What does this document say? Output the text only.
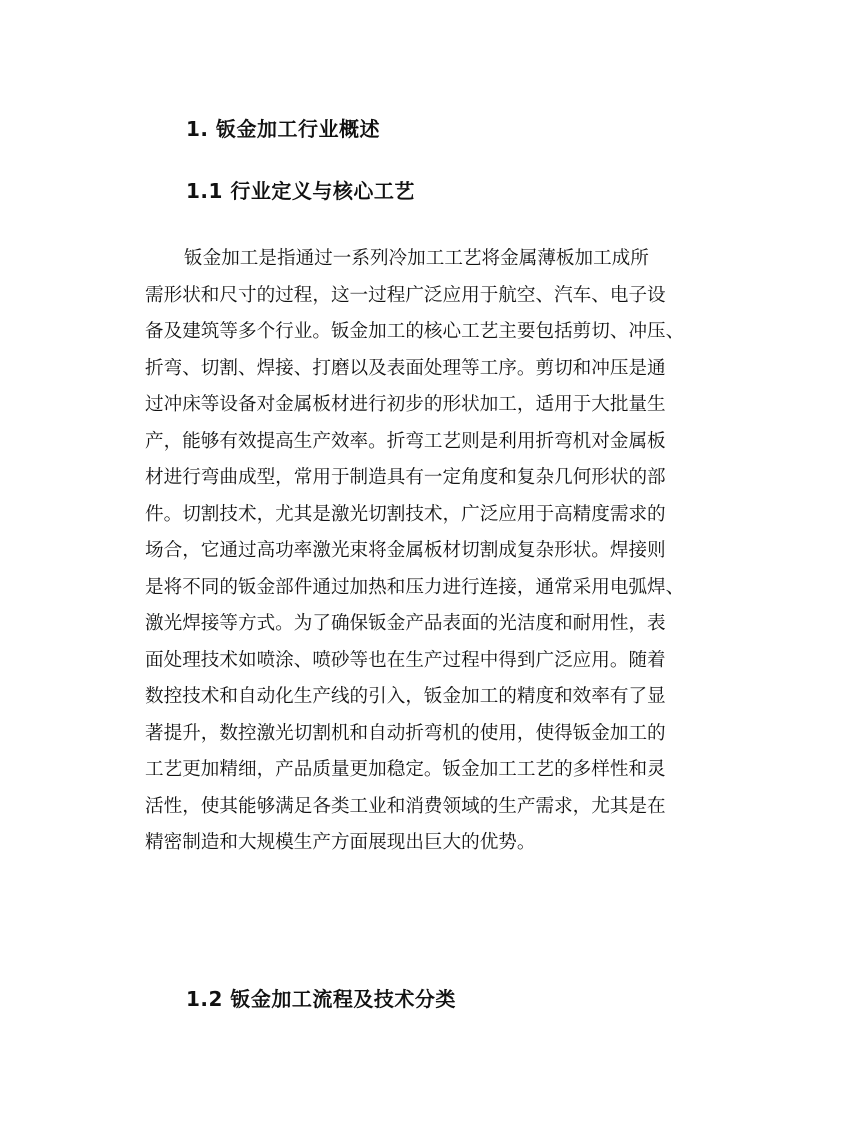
1. 钣金加工行业概述
1.1 行业定义与核心工艺
钣金加工是指通过一系列冷加工工艺将金属薄板加工成所
需形状和尺寸的过程，这一过程广泛应用于航空、汽车、电子设
备及建筑等多个行业。钣金加工的核心工艺主要包括剪切、冲压、
折弯、切割、焊接、打磨以及表面处理等工序。剪切和冲压是通
过冲床等设备对金属板材进行初步的形状加工，适用于大批量生
产，能够有效提高生产效率。折弯工艺则是利用折弯机对金属板
材进行弯曲成型，常用于制造具有一定角度和复杂几何形状的部
件。切割技术，尤其是激光切割技术，广泛应用于高精度需求的
场合，它通过高功率激光束将金属板材切割成复杂形状。焊接则
是将不同的钣金部件通过加热和压力进行连接，通常采用电弧焊、
激光焊接等方式。为了确保钣金产品表面的光洁度和耐用性，表
面处理技术如喷涂、喷砂等也在生产过程中得到广泛应用。随着
数控技术和自动化生产线的引入，钣金加工的精度和效率有了显
著提升，数控激光切割机和自动折弯机的使用，使得钣金加工的
工艺更加精细，产品质量更加稳定。钣金加工工艺的多样性和灵
活性，使其能够满足各类工业和消费领域的生产需求，尤其是在
精密制造和大规模生产方面展现出巨大的优势。
1.2 钣金加工流程及技术分类
